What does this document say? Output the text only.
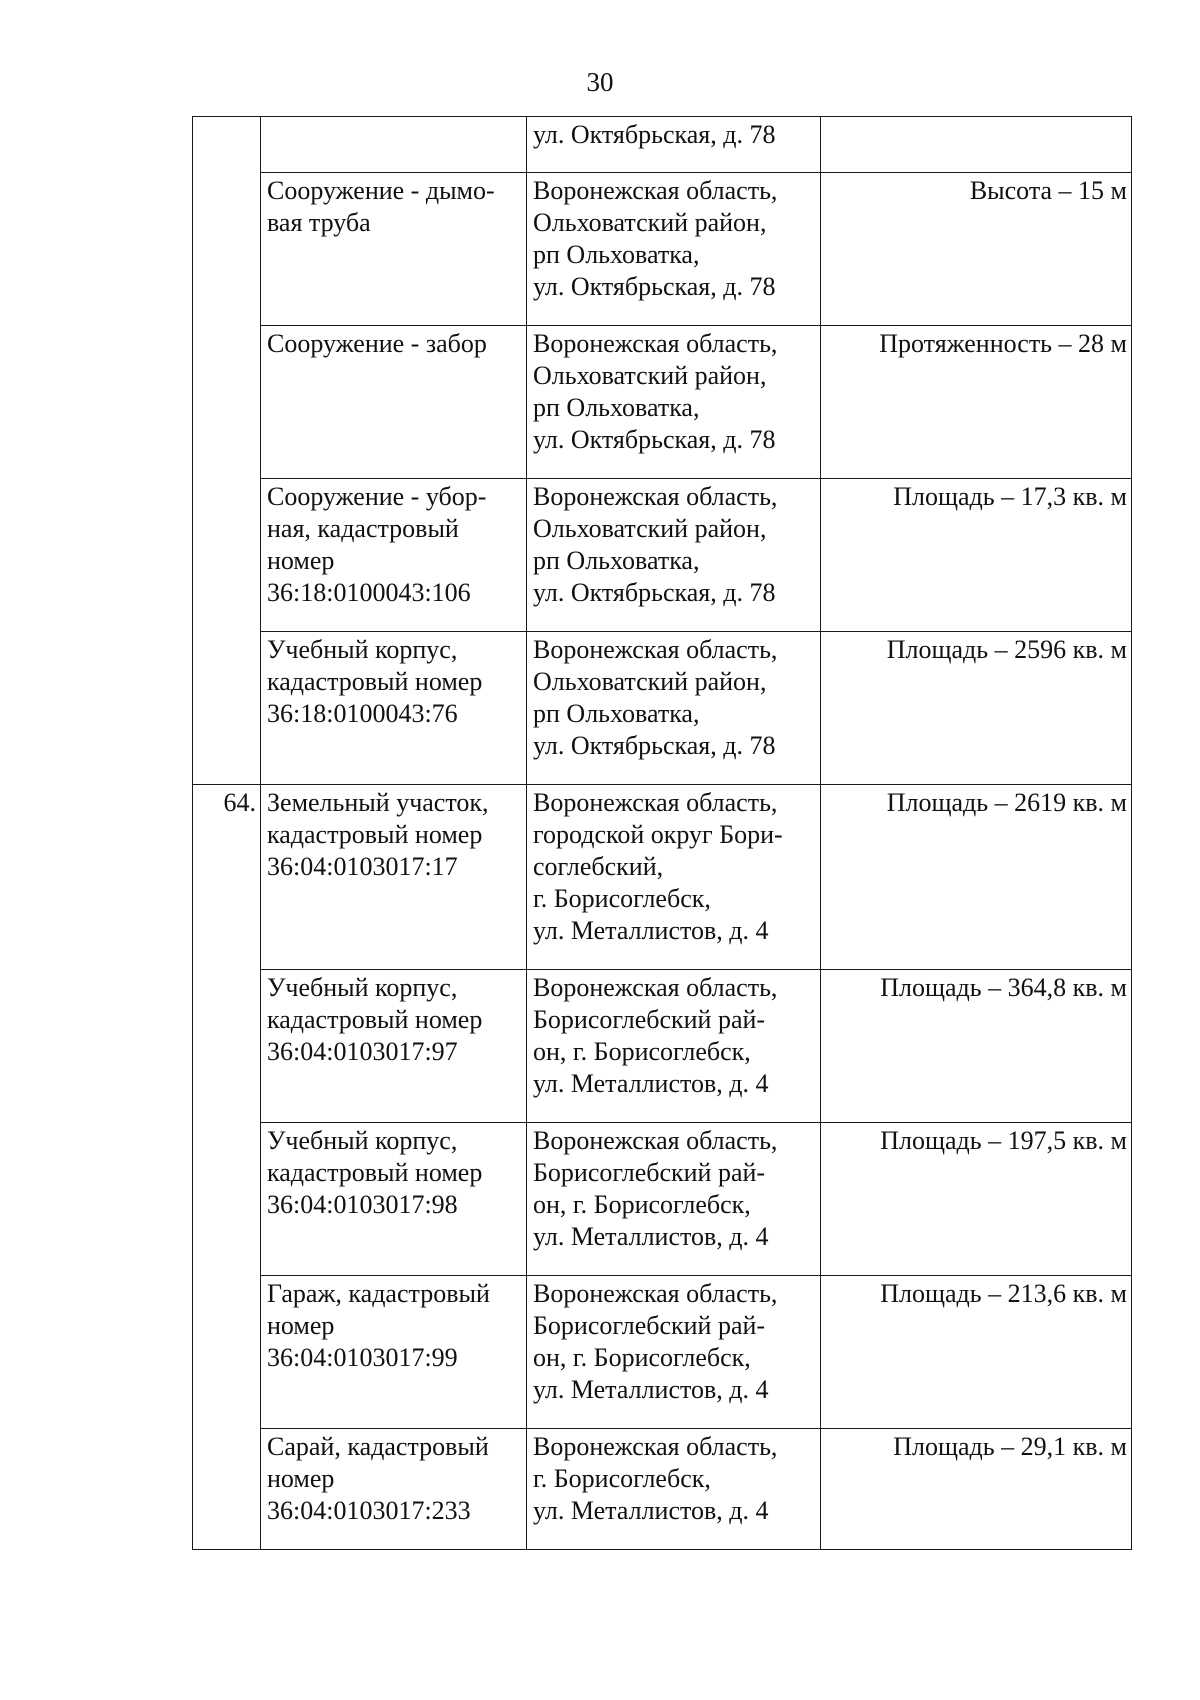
30
		ул. Октябрьская, д. 78	
	Сооружение - дымо-
вая труба	Воронежская область,
Ольховатский район,
рп Ольховатка,
ул. Октябрьская, д. 78	Высота – 15 м
	Сооружение - забор	Воронежская область,
Ольховатский район,
рп Ольховатка,
ул. Октябрьская, д. 78	Протяженность – 28 м
	Сооружение - убор-
ная, кадастровый
номер
36:18:0100043:106	Воронежская область,
Ольховатский район,
рп Ольховатка,
ул. Октябрьская, д. 78	Площадь – 17,3 кв. м
	Учебный корпус,
кадастровый номер
36:18:0100043:76	Воронежская область,
Ольховатский район,
рп Ольховатка,
ул. Октябрьская, д. 78	Площадь – 2596 кв. м
64.	Земельный участок,
кадастровый номер
36:04:0103017:17	Воронежская область,
городской округ Бори-
соглебский,
г. Борисоглебск,
ул. Металлистов, д. 4	Площадь – 2619 кв. м
	Учебный корпус,
кадастровый номер
36:04:0103017:97	Воронежская область,
Борисоглебский рай-
он, г. Борисоглебск,
ул. Металлистов, д. 4	Площадь – 364,8 кв. м
	Учебный корпус,
кадастровый номер
36:04:0103017:98	Воронежская область,
Борисоглебский рай-
он, г. Борисоглебск,
ул. Металлистов, д. 4	Площадь – 197,5 кв. м
	Гараж, кадастровый
номер
36:04:0103017:99	Воронежская область,
Борисоглебский рай-
он, г. Борисоглебск,
ул. Металлистов, д. 4	Площадь – 213,6 кв. м
	Сарай, кадастровый
номер
36:04:0103017:233	Воронежская область,
г. Борисоглебск,
ул. Металлистов, д. 4	Площадь – 29,1 кв. м
